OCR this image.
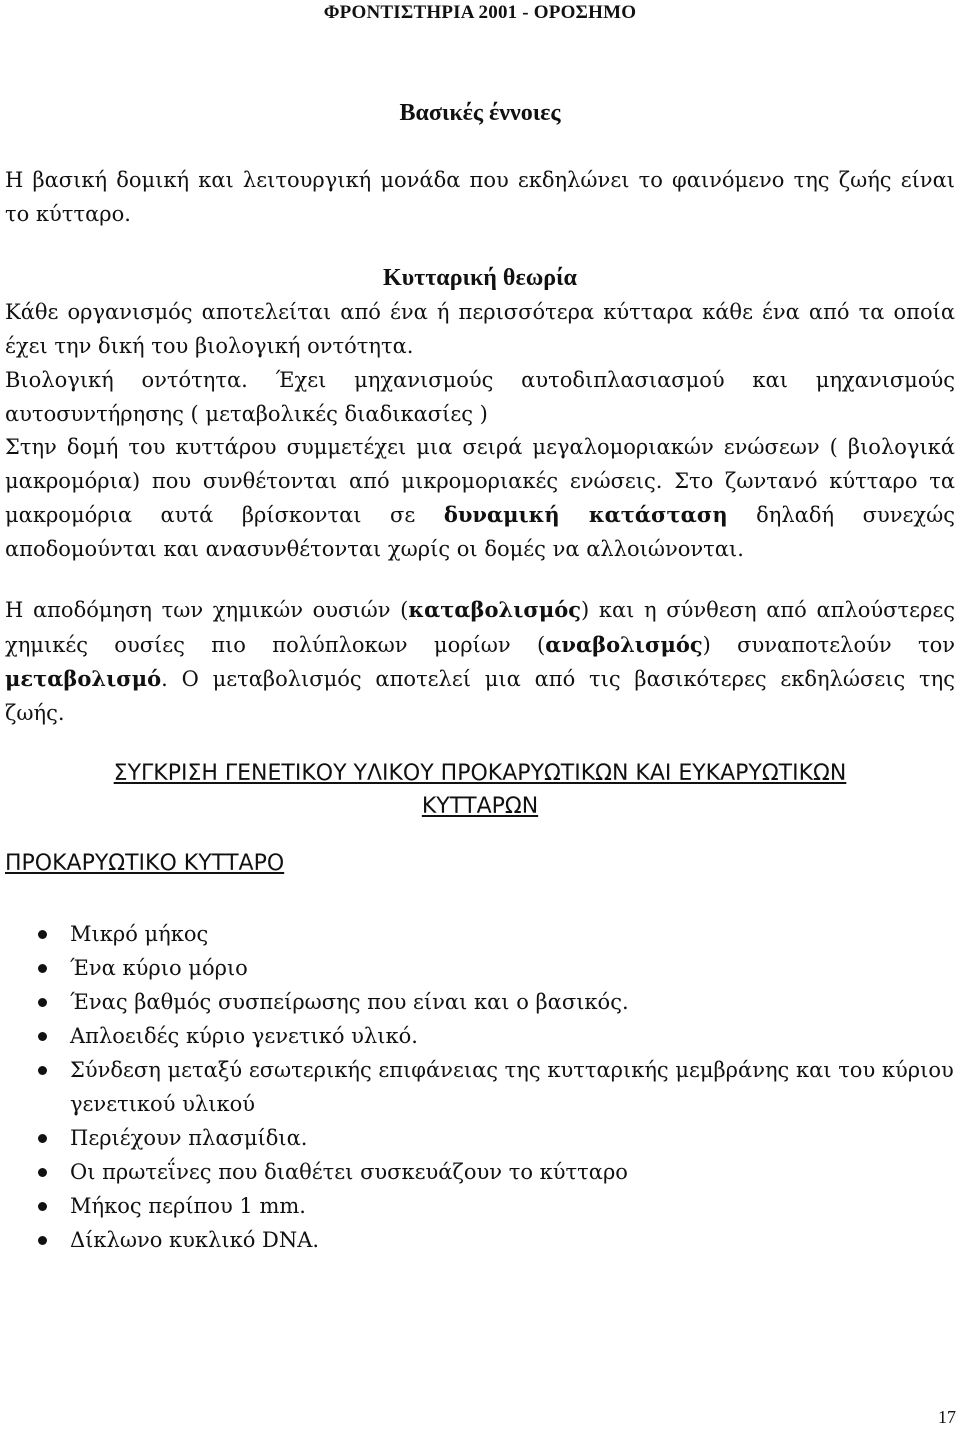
ΦΡΟΝΤΙΣΤΗΡΙΑ 2001 - ΟΡΟΣΗΜΟ
Βασικές έννοιες

Η βασική δομική και λειτουργική μονάδα που εκδηλώνει το φαινόμενο της ζωής είναι το κύτταρο.

Κυτταρική θεωρία

Κάθε οργανισμός αποτελείται από ένα ή περισσότερα κύτταρα κάθε ένα από τα οποία έχει την δική του βιολογική οντότητα.

Βιολογική οντότητα. Έχει μηχανισμούς αυτοδιπλασιασμού και μηχανισμούς αυτοσυντήρησης ( μεταβολικές διαδικασίες )

Στην δομή του κυττάρου συμμετέχει μια σειρά μεγαλομοριακών ενώσεων ( βιολογικά μακρομόρια) που συνθέτονται από μικρομοριακές ενώσεις. Στο ζωντανό κύτταρο τα μακρομόρια αυτά βρίσκονται σε δυναμική κατάσταση δηλαδή συνεχώς αποδομούνται και ανασυνθέτονται χωρίς οι δομές να αλλοιώνονται.

Η αποδόμηση των χημικών ουσιών (καταβολισμός) και η σύνθεση από απλούστερες χημικές ουσίες πιο πολύπλοκων μορίων (αναβολισμός) συναποτελούν τον μεταβολισμό. Ο μεταβολισμός αποτελεί μια από τις βασικότερες εκδηλώσεις της ζωής.

ΣΥΓΚΡΙΣΗ ΓΕΝΕΤΙΚΟΥ ΥΛΙΚΟΥ ΠΡΟΚΑΡΥΩΤΙΚΩΝ ΚΑΙ ΕΥΚΑΡΥΩΤΙΚΩΝ
ΚΥΤΤΑΡΩΝ
ΠΡΟΚΑΡΥΩΤΙΚΟ ΚΥΤΤΑΡΟ
Μικρό μήκος
Ένα κύριο μόριο
Ένας βαθμός συσπείρωσης που είναι και ο βασικός.
Απλοειδές κύριο γενετικό υλικό.
Σύνδεση μεταξύ εσωτερικής επιφάνειας της κυτταρικής μεμβράνης και του κύριου γενετικού υλικού
Περιέχουν πλασμίδια.
Οι πρωτεΐνες που διαθέτει συσκευάζουν το κύτταρο
Μήκος περίπου 1 mm.
Δίκλωνο κυκλικό DNA.
17
